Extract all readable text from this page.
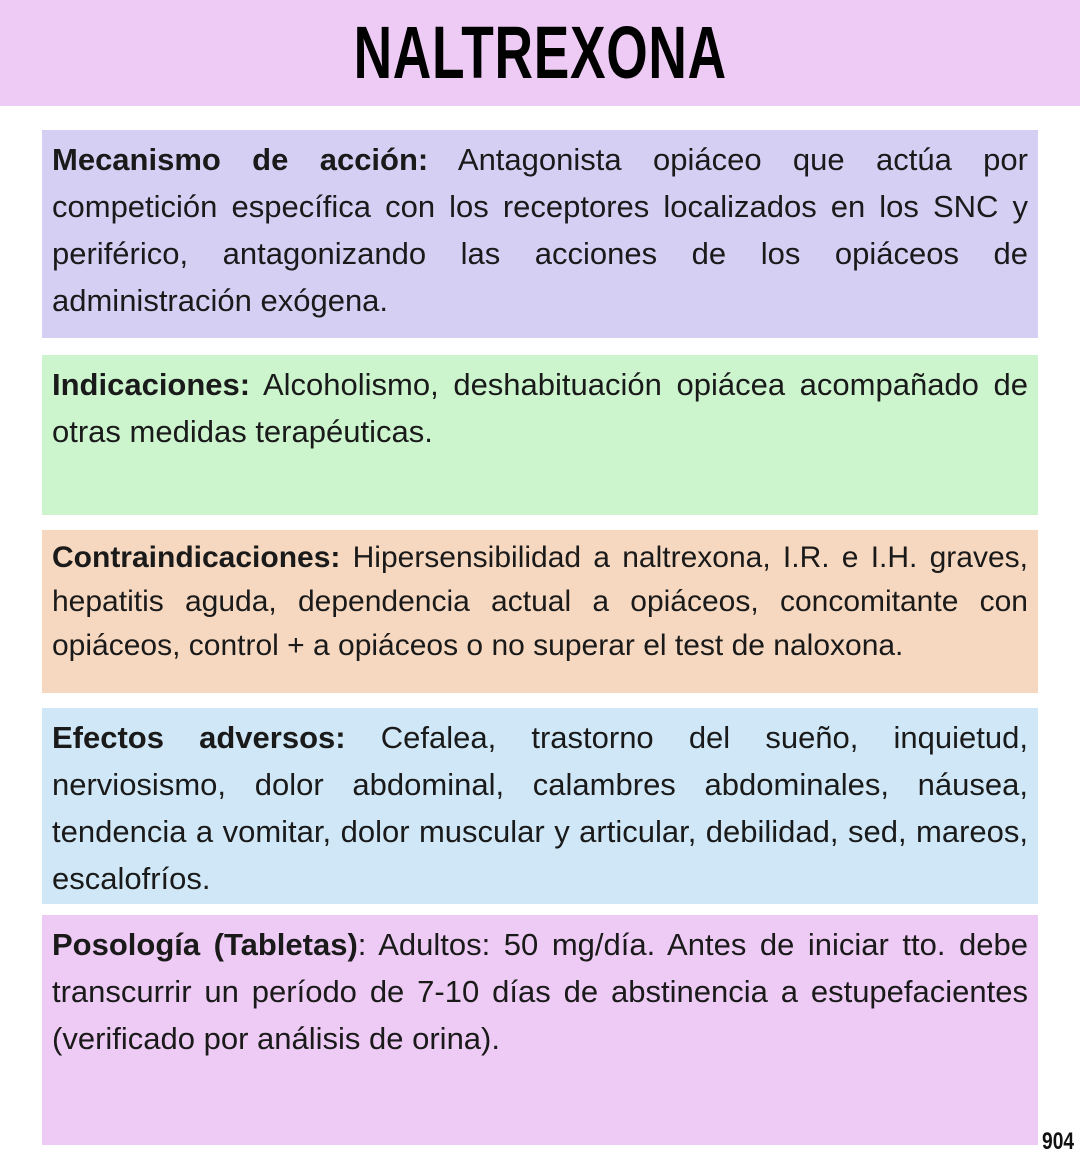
NALTREXONA
Mecanismo de acción: Antagonista opiáceo que actúa por competición específica con los receptores localizados en los SNC y periférico, antagonizando las acciones de los opiáceos de administración exógena.
Indicaciones: Alcoholismo, deshabituación opiácea acompañado de otras medidas terapéuticas.
Contraindicaciones: Hipersensibilidad a naltrexona, I.R. e I.H. graves, hepatitis aguda, dependencia actual a opiáceos, concomitante con opiáceos, control + a opiáceos o no superar el test de naloxona.
Efectos adversos: Cefalea, trastorno del sueño, inquietud, nerviosismo, dolor abdominal, calambres abdominales, náusea, tendencia a vomitar, dolor muscular y articular, debilidad, sed, mareos, escalofríos.
Posología (Tabletas): Adultos: 50 mg/día. Antes de iniciar tto. debe transcurrir un período de 7-10 días de abstinencia a estupefacientes (verificado por análisis de orina).
904
